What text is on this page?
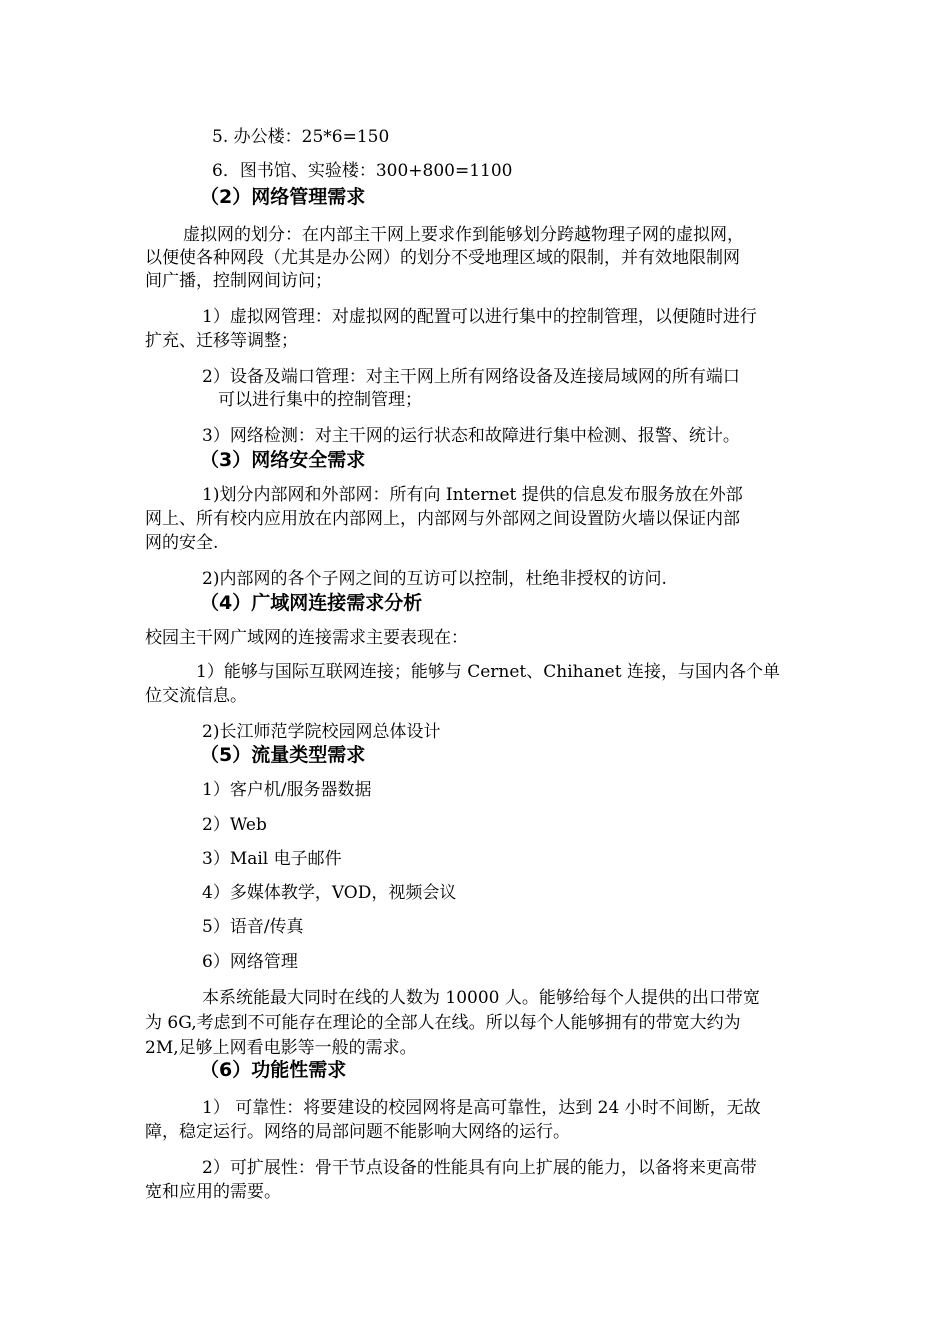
5. 办公楼：25*6=150
6．图书馆、实验楼：300+800=1100
（2）网络管理需求
虚拟网的划分：在内部主干网上要求作到能够划分跨越物理子网的虚拟网，
以便使各种网段（尤其是办公网）的划分不受地理区域的限制，并有效地限制网
间广播，控制网间访问；
1）虚拟网管理：对虚拟网的配置可以进行集中的控制管理，以便随时进行
扩充、迁移等调整；
2）设备及端口管理：对主干网上所有网络设备及连接局域网的所有端口
可以进行集中的控制管理；
3）网络检测：对主干网的运行状态和故障进行集中检测、报警、统计。
（3）网络安全需求
1)划分内部网和外部网：所有向 Internet 提供的信息发布服务放在外部
网上、所有校内应用放在内部网上，内部网与外部网之间设置防火墙以保证内部
网的安全.
2)内部网的各个子网之间的互访可以控制，杜绝非授权的访问.
（4）广域网连接需求分析
校园主干网广域网的连接需求主要表现在：
1）能够与国际互联网连接；能够与 Cernet、Chihanet 连接，与国内各个单
位交流信息。
2)长江师范学院校园网总体设计
（5）流量类型需求
1）客户机/服务器数据
2）Web
3）Mail 电子邮件
4）多媒体教学，VOD，视频会议
5）语音/传真
6）网络管理
本系统能最大同时在线的人数为 10000 人。能够给每个人提供的出口带宽
为 6G,考虑到不可能存在理论的全部人在线。所以每个人能够拥有的带宽大约为
2M,足够上网看电影等一般的需求。
（6）功能性需求
1） 可靠性：将要建设的校园网将是高可靠性，达到 24 小时不间断，无故
障，稳定运行。网络的局部问题不能影响大网络的运行。
2）可扩展性：骨干节点设备的性能具有向上扩展的能力，以备将来更高带
宽和应用的需要。
